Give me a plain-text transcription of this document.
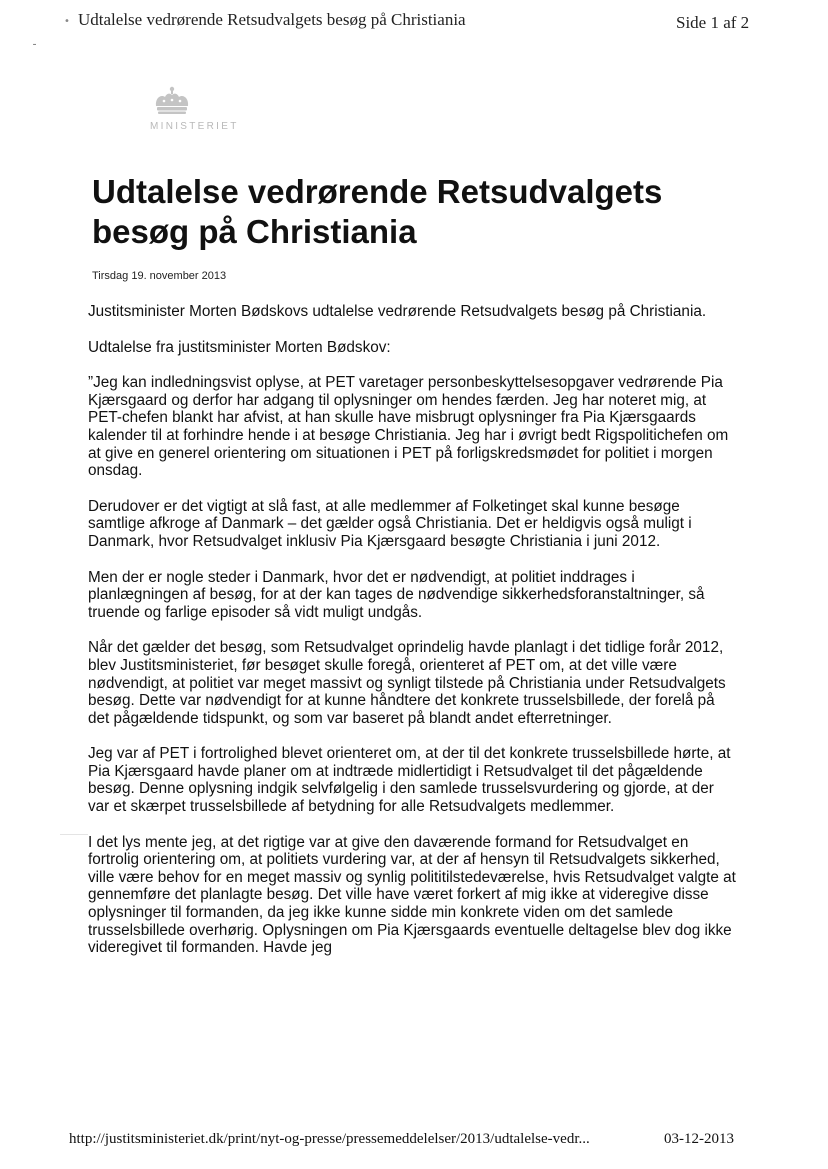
•
⁃
Udtalelse vedrørende Retsudvalgets besøg på Christiania	Side 1 af 2
MINISTERIET
Udtalelse vedrørende Retsudvalgets besøg på Christiania
Tirsdag 19. november 2013

Justitsminister Morten Bødskovs udtalelse vedrørende Retsudvalgets besøg på Christiania.

Udtalelse fra justitsminister Morten Bødskov:

”Jeg kan indledningsvist oplyse, at PET varetager personbeskyttelsesopgaver vedrørende Pia Kjærsgaard og derfor har adgang til oplysninger om hendes færden. Jeg har noteret mig, at PET-chefen blankt har afvist, at han skulle have misbrugt oplysninger fra Pia Kjærsgaards kalender til at forhindre hende i at besøge Christiania. Jeg har i øvrigt bedt Rigspolitichefen om at give en generel orientering om situationen i PET på forligskredsmødet for politiet i morgen onsdag.

Derudover er det vigtigt at slå fast, at alle medlemmer af Folketinget skal kunne besøge samtlige afkroge af Danmark – det gælder også Christiania. Det er heldigvis også muligt i Danmark, hvor Retsudvalget inklusiv Pia Kjærsgaard besøgte Christiania i juni 2012.

Men der er nogle steder i Danmark, hvor det er nødvendigt, at politiet inddrages i planlægningen af besøg, for at der kan tages de nødvendige sikkerhedsforanstaltninger, så truende og farlige episoder så vidt muligt undgås.

Når det gælder det besøg, som Retsudvalget oprindelig havde planlagt i det tidlige forår 2012, blev Justitsministeriet, før besøget skulle foregå, orienteret af PET om, at det ville være nødvendigt, at politiet var meget massivt og synligt tilstede på Christiania under Retsudvalgets besøg. Dette var nødvendigt for at kunne håndtere det konkrete trusselsbillede, der forelå på det pågældende tidspunkt, og som var baseret på blandt andet efterretninger.

Jeg var af PET i fortrolighed blevet orienteret om, at der til det konkrete trusselsbillede hørte, at Pia Kjærsgaard havde planer om at indtræde midlertidigt i Retsudvalget til det pågældende besøg. Denne oplysning indgik selvfølgelig i den samlede trusselsvurdering og gjorde, at der var et skærpet trusselsbillede af betydning for alle Retsudvalgets medlemmer.

I det lys mente jeg, at det rigtige var at give den daværende formand for Retsudvalget en fortrolig orientering om, at politiets vurdering var, at der af hensyn til Retsudvalgets sikkerhed, ville være behov for en meget massiv og synlig polititilstedeværelse, hvis Retsudvalget valgte at gennemføre det planlagte besøg. Det ville have været forkert af mig ikke at videregive disse oplysninger til formanden, da jeg ikke kunne sidde min konkrete viden om det samlede trusselsbillede overhørig. Oplysningen om Pia Kjærsgaards eventuelle deltagelse blev dog ikke videregivet til formanden. Havde jeg

http://justitsministeriet.dk/print/nyt-og-presse/pressemeddelelser/2013/udtalelse-vedr...	03-12-2013
